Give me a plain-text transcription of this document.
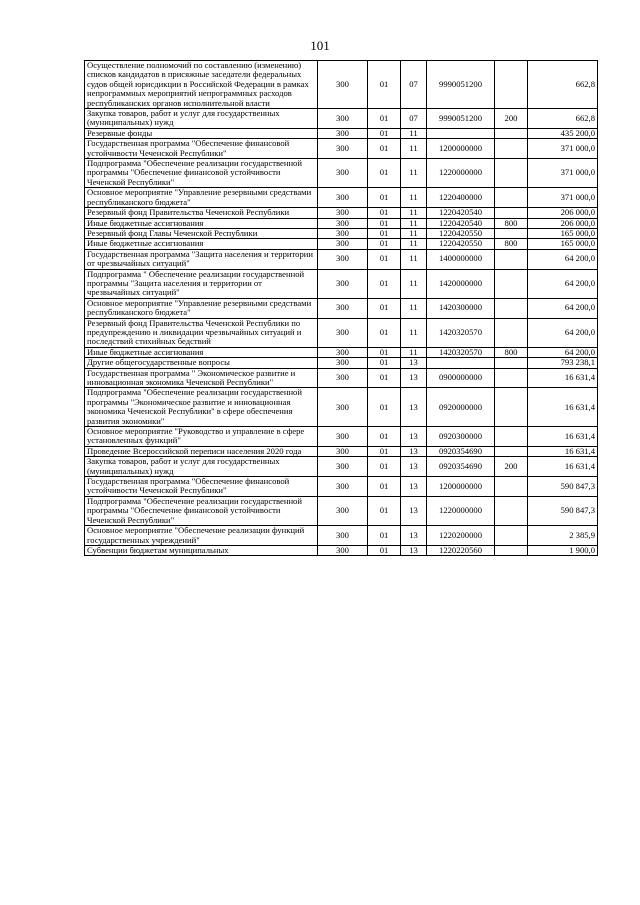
101
Осуществление полномочий по составлению (изменению) списков кандидатов в присяжные заседатели федеральных судов общей юрисдикции в Российской Федерации в рамках непрограммных мероприятий непрограммных расходов республиканских органов исполнительной власти	300	01	07	9990051200		662,8
Закупка товаров, работ и услуг для государственных (муниципальных) нужд	300	01	07	9990051200	200	662,8
Резервные фонды	300	01	11			435 200,0
Государственная программа "Обеспечение финансовой устойчивости Чеченской Республики"	300	01	11	1200000000		371 000,0
Подпрограмма "Обеспечение реализации государственной программы "Обеспечение финансовой устойчивости Чеченской Республики"	300	01	11	1220000000		371 000,0
Основное мероприятие "Управление резервными средствами республиканского бюджета"	300	01	11	1220400000		371 000,0
Резервный фонд Правительства Чеченской Республики	300	01	11	1220420540		206 000,0
Иные бюджетные ассигнования	300	01	11	1220420540	800	206 000,0
Резервный фонд Главы Чеченской Республики	300	01	11	1220420550		165 000,0
Иные бюджетные ассигнования	300	01	11	1220420550	800	165 000,0
Государственная программа "Защита населения и территории от чрезвычайных ситуаций"	300	01	11	1400000000		64 200,0
Подпрограмма " Обеспечение реализации государственной программы "Защита населения и территории от чрезвычайных ситуаций"	300	01	11	1420000000		64 200,0
Основное мероприятие "Управление резервными средствами республиканского бюджета"	300	01	11	1420300000		64 200,0
Резервный фонд Правительства Чеченской Республики по предупреждению и ликвидации чрезвычайных ситуаций и последствий стихийных бедствий	300	01	11	1420320570		64 200,0
Иные бюджетные ассигнования	300	01	11	1420320570	800	64 200,0
Другие общегосударственные вопросы	300	01	13			793 238,1
Государственная программа " Экономическое развитие и инновационная экономика Чеченской Республики"	300	01	13	0900000000		16 631,4
Подпрограмма "Обеспечение реализации государственной программы "Экономическое развитие и инновационная экономика Чеченской Республики" в сфере обеспечения развития экономики"	300	01	13	0920000000		16 631,4
Основное мероприятие "Руководство и управление в сфере установленных функций"	300	01	13	0920300000		16 631,4
Проведение Всероссийской переписи населения 2020 года	300	01	13	0920354690		16 631,4
Закупка товаров, работ и услуг для государственных (муниципальных) нужд	300	01	13	0920354690	200	16 631,4
Государственная программа "Обеспечение финансовой устойчивости Чеченской Республики"	300	01	13	1200000000		590 847,3
Подпрограмма "Обеспечение реализации государственной программы "Обеспечение финансовой устойчивости Чеченской Республики"	300	01	13	1220000000		590 847,3
Основное мероприятие "Обеспечение реализации функций государственных учреждений"	300	01	13	1220200000		2 385,9
Субвенции бюджетам муниципальных	300	01	13	1220220560		1 900,0
